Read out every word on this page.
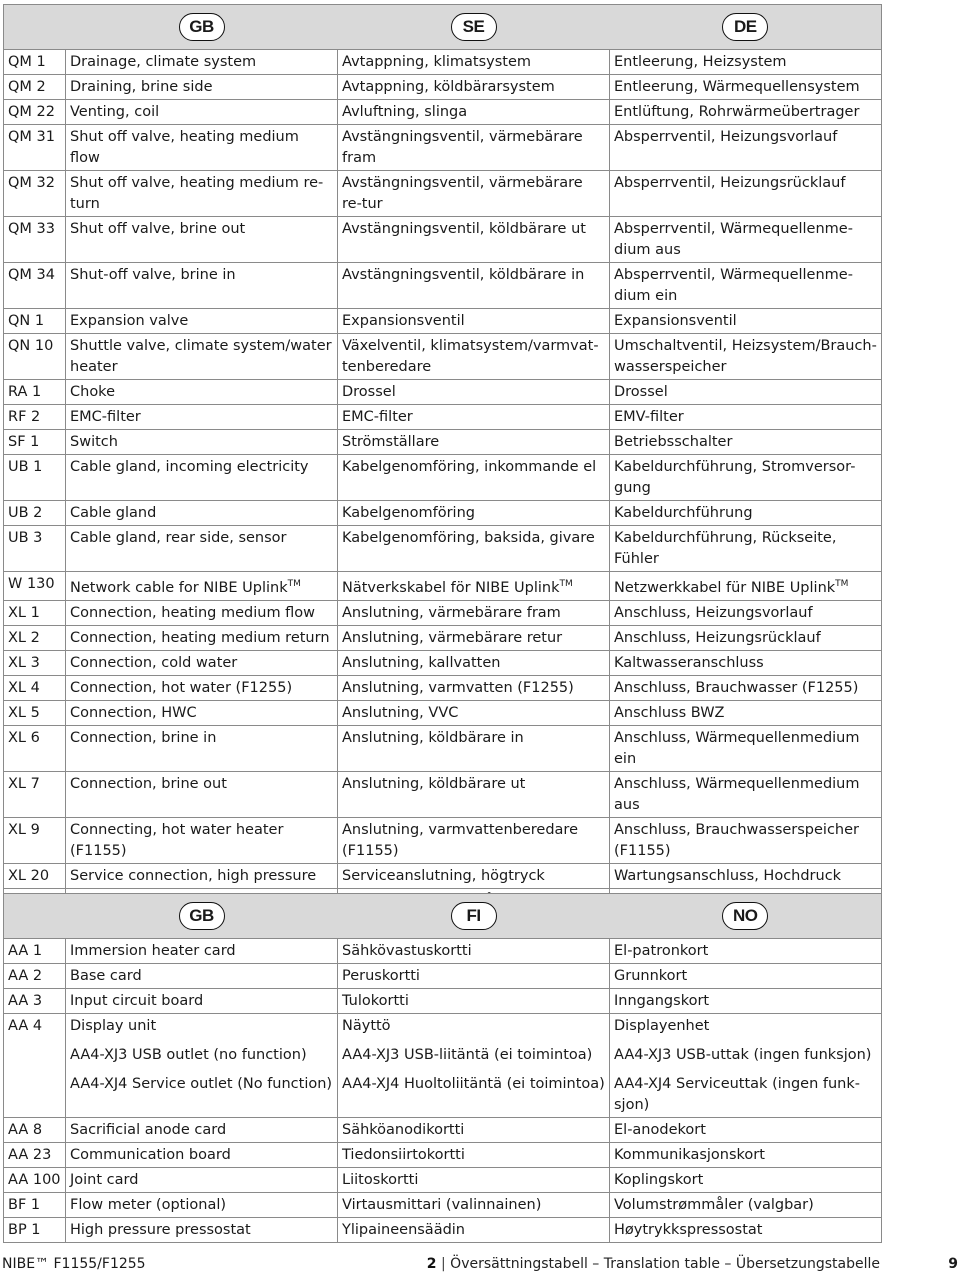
	GB	SE	DE
QM 1	Drainage, climate system	Avtappning, klimatsystem	Entleerung, Heizsystem
QM 2	Draining, brine side	Avtappning, köldbärarsystem	Entleerung, Wärmequellensystem
QM 22	Venting, coil	Avluftning, slinga	Entlüftung, Rohrwärmeübertrager
QM 31	Shut off valve, heating medium flow	Avstängningsventil, värmebärare fram	Absperrventil, Heizungsvorlauf
QM 32	Shut off valve, heating medium re-turn	Avstängningsventil, värmebärare re-tur	Absperrventil, Heizungsrücklauf
QM 33	Shut off valve, brine out	Avstängningsventil, köldbärare ut	Absperrventil, Wärmequellenme-dium aus
QM 34	Shut-off valve, brine in	Avstängningsventil, köldbärare in	Absperrventil, Wärmequellenme-dium ein
QN 1	Expansion valve	Expansionsventil	Expansionsventil
QN 10	Shuttle valve, climate system/water heater	Växelventil, klimatsystem/varmvat-tenberedare	Umschaltventil, Heizsystem/Brauch-wasserspeicher
RA 1	Choke	Drossel	Drossel
RF 2	EMC-filter	EMC-filter	EMV-filter
SF 1	Switch	Strömställare	Betriebsschalter
UB 1	Cable gland, incoming electricity	Kabelgenomföring, inkommande el	Kabeldurchführung, Stromversor-gung
UB 2	Cable gland	Kabelgenomföring	Kabeldurchführung
UB 3	Cable gland, rear side, sensor	Kabelgenomföring, baksida, givare	Kabeldurchführung, Rückseite, Fühler
W 130	Network cable for NIBE Uplink™	Nätverkskabel för NIBE Uplink™	Netzwerkkabel für NIBE Uplink™
XL 1	Connection, heating medium flow	Anslutning, värmebärare fram	Anschluss, Heizungsvorlauf
XL 2	Connection, heating medium return	Anslutning, värmebärare retur	Anschluss, Heizungsrücklauf
XL 3	Connection, cold water	Anslutning, kallvatten	Kaltwasseranschluss
XL 4	Connection, hot water (F1255)	Anslutning, varmvatten (F1255)	Anschluss, Brauchwasser (F1255)
XL 5	Connection, HWC	Anslutning, VVC	Anschluss BWZ
XL 6	Connection, brine in	Anslutning, köldbärare in	Anschluss, Wärmequellenmedium ein
XL 7	Connection, brine out	Anslutning, köldbärare ut	Anschluss, Wärmequellenmedium aus
XL 9	Connecting, hot water heater (F1155)	Anslutning, varmvattenberedare (F1155)	Anschluss, Brauchwasserspeicher (F1155)
XL 20	Service connection, high pressure	Serviceanslutning, högtryck	Wartungsanschluss, Hochdruck

	GB	FI	NO
AA 1	Immersion heater card	Sähkövastuskortti	El-patronkort
AA 2	Base card	Peruskortti	Grunnkort
AA 3	Input circuit board	Tulokortti	Inngangskort
AA 4	Display unit	Näyttö	Displayenhet
	AA4-XJ3 USB outlet (no function)	AA4-XJ3 USB-liitäntä (ei toimintoa)	AA4-XJ3 USB-uttak (ingen funksjon)
	AA4-XJ4 Service outlet (No function)	AA4-XJ4 Huoltoliitäntä (ei toimintoa)	AA4-XJ4 Serviceuttak (ingen funk-sjon)
AA 8	Sacrificial anode card	Sähköanodikortti	El-anodekort
AA 23	Communication board	Tiedonsiirtokortti	Kommunikasjonskort
AA 100	Joint card	Liitoskortti	Koplingskort
BF 1	Flow meter (optional)	Virtausmittari (valinnainen)	Volumstrømmåler (valgbar)
BP 1	High pressure pressostat	Ylipaineensäädin	Høytrykkspressostat
NIBE™ F1155/F1255	2 | Översättningstabell – Translation table – Übersetzungstabelle	9
